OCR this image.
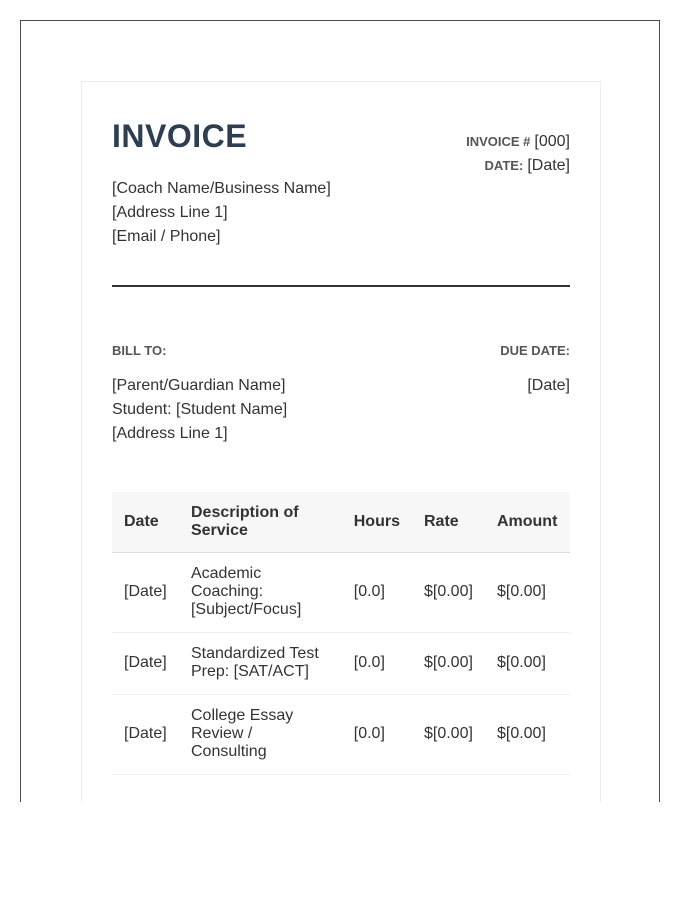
INVOICE	INVOICE # [000]
DATE: [Date]
[Coach Name/Business Name]
[Address Line 1]
[Email / Phone]
BILL TO:	DUE DATE:
[Parent/Guardian Name]
Student: [Student Name]
[Address Line 1]
[Date]
Date	Description of Service	Hours	Rate	Amount
[Date]	Academic Coaching: [Subject/Focus]	[0.0]	$[0.00]	$[0.00]
[Date]	Standardized Test Prep: [SAT/ACT]	[0.0]	$[0.00]	$[0.00]
[Date]	College Essay Review / Consulting	[0.0]	$[0.00]	$[0.00]
